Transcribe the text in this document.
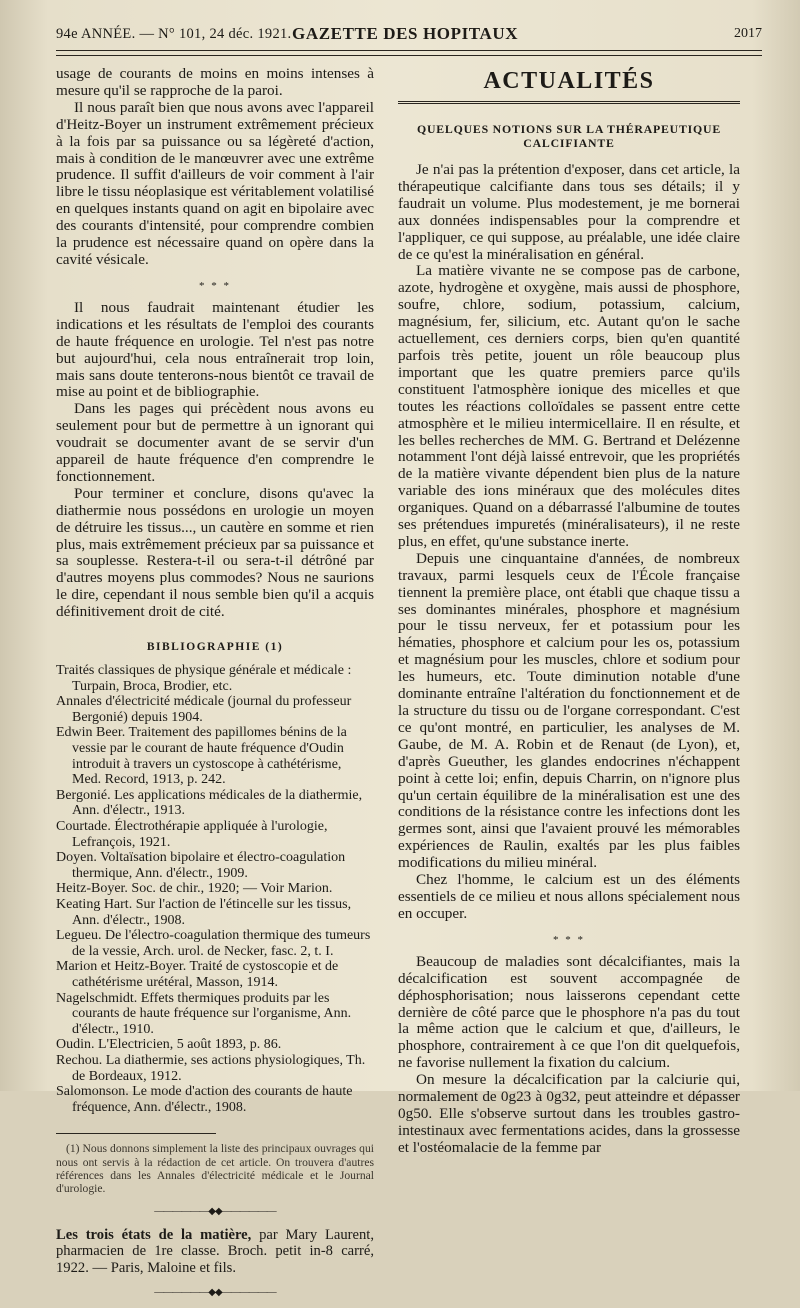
94e ANNÉE. — N° 101, 24 déc. 1921. GAZETTE DES HOPITAUX	2017

usage de courants de moins en moins intenses à mesure qu'il se rapproche de la paroi.

Il nous paraît bien que nous avons avec l'appareil d'Heitz-Boyer un instrument extrêmement précieux à la fois par sa puissance ou sa légèreté d'action, mais à condition de le manœuvrer avec une extrême prudence. Il suffit d'ailleurs de voir comment à l'air libre le tissu néoplasique est véritablement volatilisé en quelques instants quand on agit en bipolaire avec des courants d'intensité, pour comprendre combien la prudence est nécessaire quand on opère dans la cavité vésicale.

* * *

Il nous faudrait maintenant étudier les indications et les résultats de l'emploi des courants de haute fréquence en urologie. Tel n'est pas notre but aujourd'hui, cela nous entraînerait trop loin, mais sans doute tenterons-nous bientôt ce travail de mise au point et de bibliographie.

Dans les pages qui précèdent nous avons eu seulement pour but de permettre à un ignorant qui voudrait se documenter avant de se servir d'un appareil de haute fréquence d'en comprendre le fonctionnement.

Pour terminer et conclure, disons qu'avec la diathermie nous possédons en urologie un moyen de détruire les tissus..., un cautère en somme et rien plus, mais extrêmement précieux par sa puissance et sa souplesse. Restera-t-il ou sera-t-il détrôné par d'autres moyens plus commodes? Nous ne saurions le dire, cependant il nous semble bien qu'il a acquis définitivement droit de cité.

BIBLIOGRAPHIE (1)

Traités classiques de physique générale et médicale : Turpain, Broca, Brodier, etc.

Annales d'électricité médicale (journal du professeur Bergonié) depuis 1904.

Edwin Beer. Traitement des papillomes bénins de la vessie par le courant de haute fréquence d'Oudin introduit à travers un cystoscope à cathétérisme, Med. Record, 1913, p. 242.

Bergonié. Les applications médicales de la diathermie, Ann. d'électr., 1913.

Courtade. Électrothérapie appliquée à l'urologie, Lefrançois, 1921.

Doyen. Voltaïsation bipolaire et électro-coagulation thermique, Ann. d'électr., 1909.

Heitz-Boyer. Soc. de chir., 1920; — Voir Marion.

Keating Hart. Sur l'action de l'étincelle sur les tissus, Ann. d'électr., 1908.

Legueu. De l'électro-coagulation thermique des tumeurs de la vessie, Arch. urol. de Necker, fasc. 2, t. I.

Marion et Heitz-Boyer. Traité de cystoscopie et de cathétérisme urétéral, Masson, 1914.

Nagelschmidt. Effets thermiques produits par les courants de haute fréquence sur l'organisme, Ann. d'électr., 1910.

Oudin. L'Electricien, 5 août 1893, p. 86.

Rechou. La diathermie, ses actions physiologiques, Th. de Bordeaux, 1912.

Salomonson. Le mode d'action des courants de haute fréquence, Ann. d'électr., 1908.

(1) Nous donnons simplement la liste des principaux ouvrages qui nous ont servis à la rédaction de cet article. On trouvera d'autres références dans les Annales d'électricité médicale et le Journal d'urologie.

——————◆◆——————

Les trois états de la matière, par Mary Laurent, pharmacien de 1re classe. Broch. petit in-8 carré, 1922. — Paris, Maloine et fils.

——————◆◆——————
ACTUALITÉS
QUELQUES NOTIONS SUR LA THÉRAPEUTIQUE CALCIFIANTE

Je n'ai pas la prétention d'exposer, dans cet article, la thérapeutique calcifiante dans tous ses détails; il y faudrait un volume. Plus modestement, je me bornerai aux données indispensables pour la comprendre et l'appliquer, ce qui suppose, au préalable, une idée claire de ce qu'est la minéralisation en général.

La matière vivante ne se compose pas de carbone, azote, hydrogène et oxygène, mais aussi de phosphore, soufre, chlore, sodium, potassium, calcium, magnésium, fer, silicium, etc. Autant qu'on le sache actuellement, ces derniers corps, bien qu'en quantité parfois très petite, jouent un rôle beaucoup plus important que les quatre premiers parce qu'ils constituent l'atmosphère ionique des micelles et que toutes les réactions colloïdales se passent entre cette atmosphère et le milieu intermicellaire. Il en résulte, et les belles recherches de MM. G. Bertrand et Delézenne notamment l'ont déjà laissé entrevoir, que les propriétés de la matière vivante dépendent bien plus de la nature variable des ions minéraux que des molécules dites organiques. Quand on a débarrassé l'albumine de toutes ses prétendues impuretés (minéralisateurs), il ne reste plus, en effet, qu'une substance inerte.

Depuis une cinquantaine d'années, de nombreux travaux, parmi lesquels ceux de l'École française tiennent la première place, ont établi que chaque tissu a ses dominantes minérales, phosphore et magnésium pour le tissu nerveux, fer et potassium pour les hématies, phosphore et calcium pour les os, potassium et magnésium pour les muscles, chlore et sodium pour les humeurs, etc. Toute diminution notable d'une dominante entraîne l'altération du fonctionnement et de la structure du tissu ou de l'organe correspondant. C'est ce qu'ont montré, en particulier, les analyses de M. Gaube, de M. A. Robin et de Renaut (de Lyon), et, d'après Gueuther, les glandes endocrines n'échappent point à cette loi; enfin, depuis Charrin, on n'ignore plus qu'un certain équilibre de la minéralisation est une des conditions de la résistance contre les infections dont les germes sont, ainsi que l'avaient prouvé les mémorables expériences de Raulin, exaltés par les plus faibles modifications du milieu minéral.

Chez l'homme, le calcium est un des éléments essentiels de ce milieu et nous allons spécialement nous en occuper.

* * *

Beaucoup de maladies sont décalcifiantes, mais la décalcification est souvent accompagnée de déphosphorisation; nous laisserons cependant cette dernière de côté parce que le phosphore n'a pas du tout la même action que le calcium et que, d'ailleurs, le phosphore, contrairement à ce que l'on dit quelquefois, ne favorise nullement la fixation du calcium.

On mesure la décalcification par la calciurie qui, normalement de 0g23 à 0g32, peut atteindre et dépasser 0g50. Elle s'observe surtout dans les troubles gastro-intestinaux avec fermentations acides, dans la grossesse et l'ostéomalacie de la femme par
